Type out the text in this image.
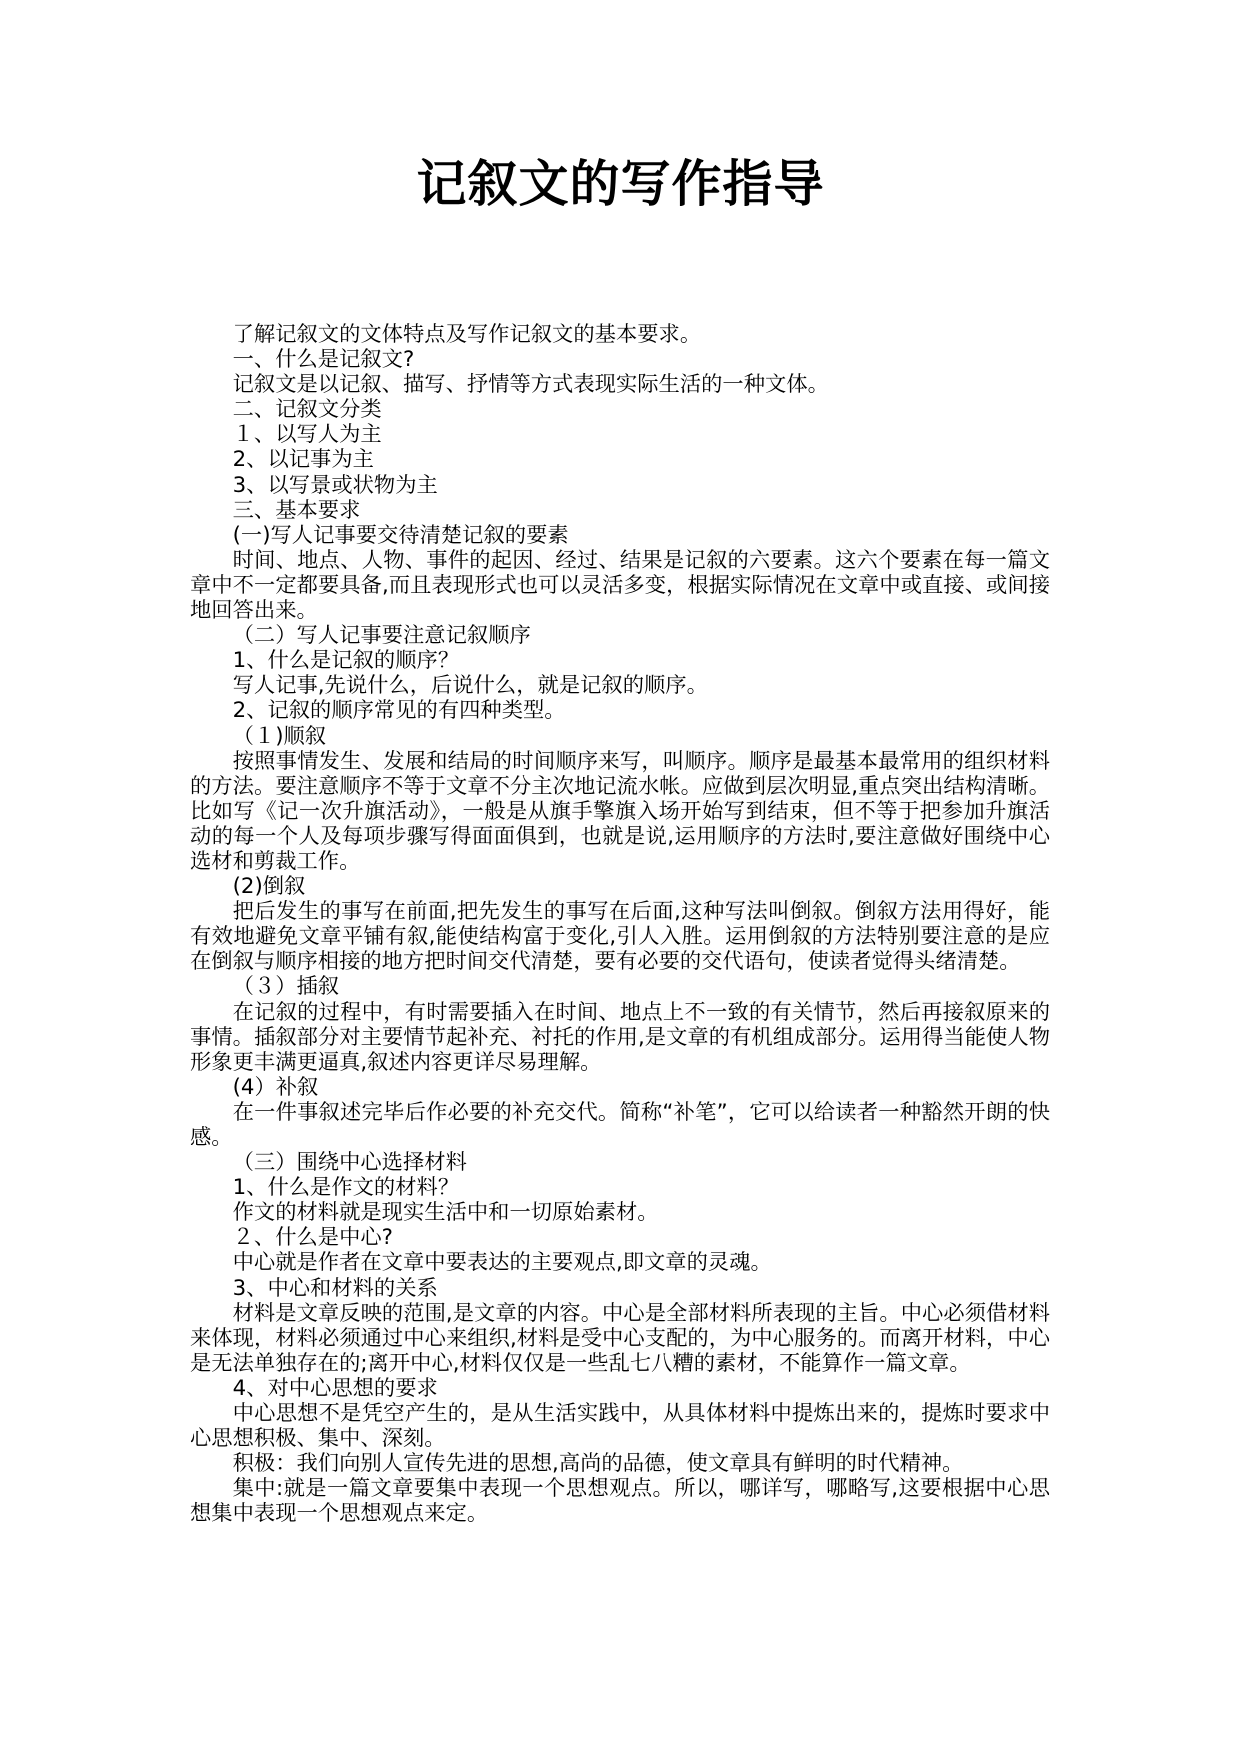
记叙文的写作指导

了解记叙文的文体特点及写作记叙文的基本要求。

一、什么是记叙文?

记叙文是以记叙、描写、抒情等方式表现实际生活的一种文体。

二、记叙文分类

１、以写人为主

2、以记事为主

3、以写景或状物为主

三、基本要求

(一)写人记事要交待清楚记叙的要素

时间、地点、人物、事件的起因、经过、结果是记叙的六要素。这六个要素在每一篇文章中不一定都要具备,而且表现形式也可以灵活多变，根据实际情况在文章中或直接、或间接地回答出来。

（二）写人记事要注意记叙顺序

1、什么是记叙的顺序？

写人记事,先说什么，后说什么，就是记叙的顺序。

2、记叙的顺序常见的有四种类型。

（１)顺叙

按照事情发生、发展和结局的时间顺序来写，叫顺序。顺序是最基本最常用的组织材料的方法。要注意顺序不等于文章不分主次地记流水帐。应做到层次明显,重点突出结构清晰。比如写《记一次升旗活动》，一般是从旗手擎旗入场开始写到结束，但不等于把参加升旗活动的每一个人及每项步骤写得面面俱到，也就是说,运用顺序的方法时,要注意做好围绕中心选材和剪裁工作。

(2)倒叙

把后发生的事写在前面,把先发生的事写在后面,这种写法叫倒叙。倒叙方法用得好，能有效地避免文章平铺有叙,能使结构富于变化,引人入胜。运用倒叙的方法特别要注意的是应在倒叙与顺序相接的地方把时间交代清楚，要有必要的交代语句，使读者觉得头绪清楚。

（３）插叙

在记叙的过程中，有时需要插入在时间、地点上不一致的有关情节，然后再接叙原来的事情。插叙部分对主要情节起补充、衬托的作用,是文章的有机组成部分。运用得当能使人物形象更丰满更逼真,叙述内容更详尽易理解。

(4）补叙

在一件事叙述完毕后作必要的补充交代。简称“补笔”，它可以给读者一种豁然开朗的快感。

（三）围绕中心选择材料

1、什么是作文的材料？

作文的材料就是现实生活中和一切原始素材。

２、什么是中心?

中心就是作者在文章中要表达的主要观点,即文章的灵魂。

3、中心和材料的关系

材料是文章反映的范围,是文章的内容。中心是全部材料所表现的主旨。中心必须借材料来体现，材料必须通过中心来组织,材料是受中心支配的，为中心服务的。而离开材料，中心是无法单独存在的;离开中心,材料仅仅是一些乱七八糟的素材，不能算作一篇文章。

4、对中心思想的要求

中心思想不是凭空产生的，是从生活实践中，从具体材料中提炼出来的，提炼时要求中心思想积极、集中、深刻。

积极：我们向别人宣传先进的思想,高尚的品德，使文章具有鲜明的时代精神。

集中:就是一篇文章要集中表现一个思想观点。所以，哪详写，哪略写,这要根据中心思想集中表现一个思想观点来定。
